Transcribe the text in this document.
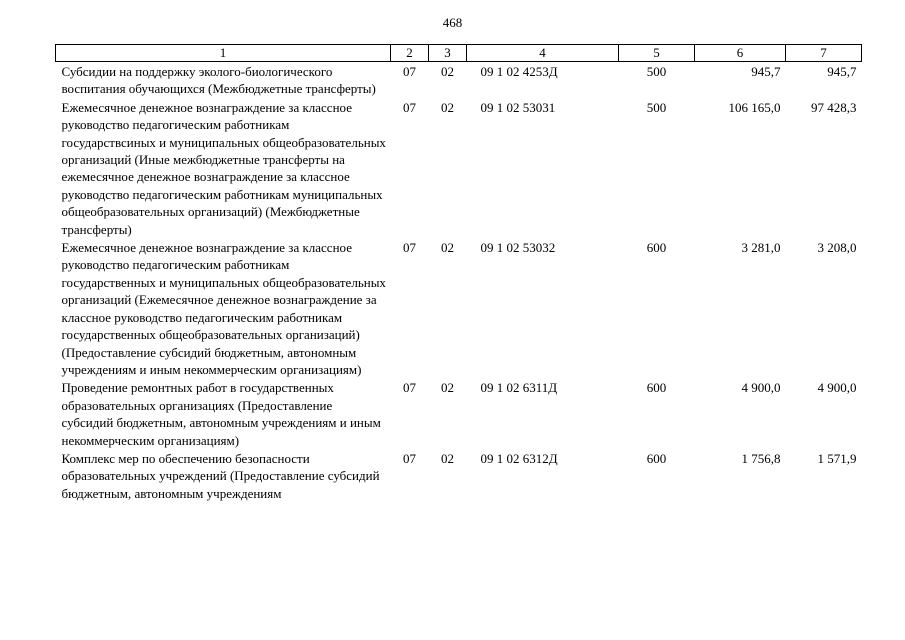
468
1	2	3	4	5	6	7
Субсидии на поддержку эколого-биологического воспитания обучающихся (Межбюджетные трансферты)	07	02	09 1 02 4253Д	500	945,7	945,7
Ежемесячное денежное вознаграждение за классное руководство педагогическим работникам государствсиных и муниципальных общеобразовательных организаций (Иные межбюджетные трансферты на ежемесячное денежное вознаграждение за классное руководство педагогическим работникам муниципальных общеобразовательных организаций) (Межбюджетные трансферты)	07	02	09 1 02 53031	500	106 165,0	97 428,3
Ежемесячное денежное вознаграждение за классное руководство педагогическим работникам государственных и муниципальных общеобразовательных организаций (Ежемесячное денежное вознаграждение за классное руководство педагогическим работникам государственных общеобразовательных организаций) (Предоставление субсидий бюджетным, автономным учреждениям и иным некоммерческим организациям)	07	02	09 1 02 53032	600	3 281,0	3 208,0
Проведение ремонтных работ в государственных образовательных организациях (Предоставление субсидий бюджетным, автономным учреждениям и иным некоммерческим организациям)	07	02	09 1 02 6311Д	600	4 900,0	4 900,0
Комплекс мер по обеспечению безопасности образовательных учреждений (Предоставление субсидий бюджетным, автономным учреждениям	07	02	09 1 02 6312Д	600	1 756,8	1 571,9
